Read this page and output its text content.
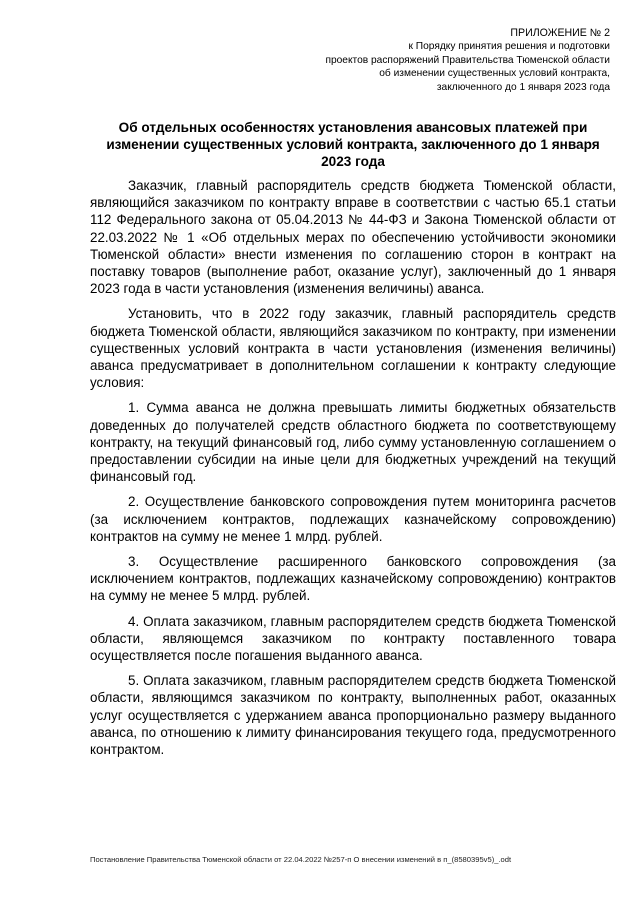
ПРИЛОЖЕНИЕ № 2
к Порядку принятия решения и подготовки
проектов распоряжений Правительства Тюменской области
об изменении существенных условий контракта,
заключенного до 1 января 2023 года
Об отдельных особенностях установления авансовых платежей при изменении существенных условий контракта, заключенного до 1 января 2023 года

Заказчик, главный распорядитель средств бюджета Тюменской области, являющийся заказчиком по контракту вправе в соответствии с частью 65.1 статьи 112 Федерального закона от 05.04.2013 № 44-ФЗ и Закона Тюменской области от 22.03.2022 № 1 «Об отдельных мерах по обеспечению устойчивости экономики Тюменской области» внести изменения по соглашению сторон в контракт на поставку товаров (выполнение работ, оказание услуг), заключенный до 1 января 2023 года в части установления (изменения величины) аванса.

Установить, что в 2022 году заказчик, главный распорядитель средств бюджета Тюменской области, являющийся заказчиком по контракту, при изменении существенных условий контракта в части установления (изменения величины) аванса предусматривает в дополнительном соглашении к контракту следующие условия:

1. Сумма аванса не должна превышать лимиты бюджетных обязательств доведенных до получателей средств областного бюджета по соответствующему контракту, на текущий финансовый год, либо сумму установленную соглашением о предоставлении субсидии на иные цели для бюджетных учреждений на текущий финансовый год.

2. Осуществление банковского сопровождения путем мониторинга расчетов (за исключением контрактов, подлежащих казначейскому сопровождению) контрактов на сумму не менее 1 млрд. рублей.

3. Осуществление расширенного банковского сопровождения (за исключением контрактов, подлежащих казначейскому сопровождению) контрактов на сумму не менее 5 млрд. рублей.

4. Оплата заказчиком, главным распорядителем средств бюджета Тюменской области, являющемся заказчиком по контракту поставленного товара осуществляется после погашения выданного аванса.

5. Оплата заказчиком, главным распорядителем средств бюджета Тюменской области, являющимся заказчиком по контракту, выполненных работ, оказанных услуг осуществляется с удержанием аванса пропорционально размеру выданного аванса, по отношению к лимиту финансирования текущего года, предусмотренного контрактом.

Постановление Правительства Тюменской области от 22.04.2022 №257-п О внесении изменений в п_(8580395v5)_.odt
